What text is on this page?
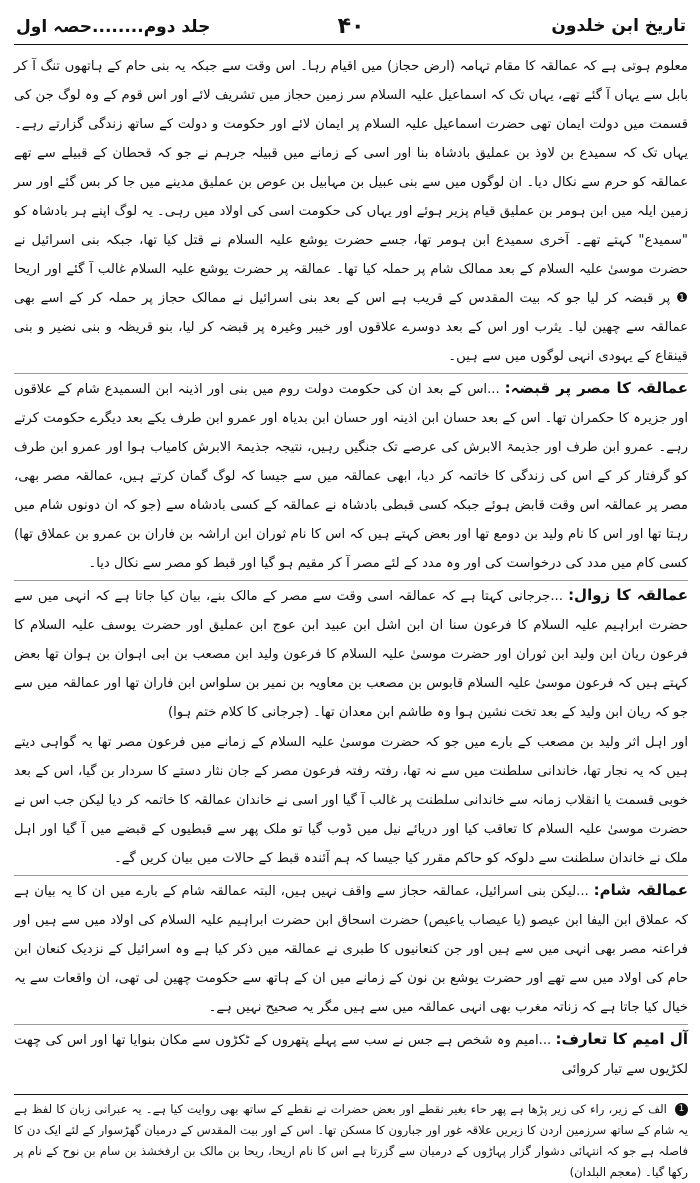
تاریخ ابن خلدون
۴۰
جلد دوم........حصہ اول

معلوم ہوتی ہے کہ عمالقہ کا مقام تہامہ (ارض حجاز) میں اقیام رہا۔ اس وقت سے جبکہ یہ بنی حام کے ہاتھوں تنگ آ کر بابل سے یہاں آ گئے تھے، یہاں تک کہ اسماعیل علیہ السلام سر زمین حجاز میں تشریف لائے اور اس قوم کے وہ لوگ جن کی قسمت میں دولت ایمان تھی حضرت اسماعیل علیہ السلام پر ایمان لائے اور حکومت و دولت کے ساتھ زندگی گزارتے رہے۔ یہاں تک کہ سمیدع بن لاوذ بن عملیق بادشاہ بنا اور اسی کے زمانے میں قبیلہ جرہم نے جو کہ قحطان کے قبیلے سے تھے عمالقہ کو حرم سے نکال دیا۔ ان لوگوں میں سے بنی عبیل بن مہابیل بن عوص بن عملیق مدینے میں جا کر بس گئے اور سر زمین ایلہ میں ابن ہومر بن عملیق قیام پزیر ہوئے اور یہاں کی حکومت اسی کی اولاد میں رہی۔ یہ لوگ اپنے ہر بادشاہ کو "سمیدع" کہتے تھے۔ آخری سمیدع ابن ہومر تھا، جسے حضرت یوشع علیہ السلام نے قتل کیا تھا، جبکہ بنی اسرائیل نے حضرت موسیٰ علیہ السلام کے بعد ممالک شام پر حملہ کیا تھا۔ عمالقہ پر حضرت یوشع علیہ السلام غالب آ گئے اور اریحا ❶ پر قبضہ کر لیا جو کہ بیت المقدس کے قریب ہے اس کے بعد بنی اسرائیل نے ممالک حجاز پر حملہ کر کے اسے بھی عمالقہ سے چھین لیا۔ یثرب اور اس کے بعد دوسرے علاقوں اور خیبر وغیرہ پر قبضہ کر لیا، بنو قریظہ و بنی نضیر و بنی قینقاع کے یہودی انہی لوگوں میں سے ہیں۔

عمالقہ کا مصر پر قبضہ: ...اس کے بعد ان کی حکومت دولت روم میں بنی اور اذینہ ابن السمیدع شام کے علاقوں اور جزیرہ کا حکمران تھا۔ اس کے بعد حسان ابن اذینہ اور حسان ابن بدیاہ اور عمرو ابن طرف یکے بعد دیگرے حکومت کرتے رہے۔ عمرو ابن طرف اور جذیمۃ الابرش کی عرصے تک جنگیں رہیں، نتیجہ جذیمۃ الابرش کامیاب ہوا اور عمرو ابن طرف کو گرفتار کر کے اس کی زندگی کا خاتمہ کر دیا، ابھی عمالقہ میں سے جیسا کہ لوگ گمان کرتے ہیں، عمالقہ مصر بھی، مصر پر عمالقہ اس وقت قابض ہوئے جبکہ کسی قبطی بادشاہ نے عمالقہ کے کسی بادشاہ سے (جو کہ ان دونوں شام میں رہتا تھا اور اس کا نام ولید بن دومع تھا اور بعض کہتے ہیں کہ اس کا نام ثوران ابن اراشہ بن فاران بن عمرو بن عملاق تھا) کسی کام میں مدد کی درخواست کی اور وہ مدد کے لئے مصر آ کر مقیم ہو گیا اور قبط کو مصر سے نکال دیا۔

عمالقہ کا زوال: ...جرجانی کہتا ہے کہ عمالقہ اسی وقت سے مصر کے مالک بنے، بیان کیا جاتا ہے کہ انہی میں سے حضرت ابراہیم علیہ السلام کا فرعون سنا ان ابن اشل ابن عبید ابن عوج ابن عملیق اور حضرت یوسف علیہ السلام کا فرعون ریان ابن ولید ابن ثوران اور حضرت موسیٰ علیہ السلام کا فرعون ولید ابن مصعب بن ابی اہوان بن ہوان تھا بعض کہتے ہیں کہ فرعون موسیٰ علیہ السلام قابوس بن مصعب بن معاویہ بن نمیر بن سلواس ابن فاران تھا اور عمالقہ میں سے جو کہ ریان ابن ولید کے بعد تخت نشین ہوا وہ طاشم ابن معدان تھا۔ (جرجانی کا کلام ختم ہوا)

اور اہل اثر ولید بن مصعب کے بارے میں جو کہ حضرت موسیٰ علیہ السلام کے زمانے میں فرعون مصر تھا یہ گواہی دیتے ہیں کہ یہ نجار تھا، خاندانی سلطنت میں سے نہ تھا، رفتہ رفتہ فرعون مصر کے جان نثار دستے کا سردار بن گیا، اس کے بعد خوبی قسمت یا انقلاب زمانہ سے خاندانی سلطنت پر غالب آ گیا اور اسی نے خاندان عمالقہ کا خاتمہ کر دیا لیکن جب اس نے حضرت موسیٰ علیہ السلام کا تعاقب کیا اور دریائے نیل میں ڈوب گیا تو ملک پھر سے قبطیوں کے قبضے میں آ گیا اور اہل ملک نے خاندان سلطنت سے دلوکہ کو حاکم مقرر کیا جیسا کہ ہم آئندہ قبط کے حالات میں بیان کریں گے۔

عمالقہ شام: ...لیکن بنی اسرائیل، عمالقہ حجاز سے واقف نہیں ہیں، البتہ عمالقہ شام کے بارے میں ان کا یہ بیان ہے کہ عملاق ابن الیفا ابن عیصو (یا عیصاب یاعیص) حضرت اسحاق ابن حضرت ابراہیم علیہ السلام کی اولاد میں سے ہیں اور فراعنہ مصر بھی انہی میں سے ہیں اور جن کنعانیوں کا طبری نے عمالقہ میں ذکر کیا ہے وہ اسرائیل کے نزدیک کنعان ابن حام کی اولاد میں سے تھے اور حضرت یوشع بن نون کے زمانے میں ان کے ہاتھ سے حکومت چھین لی تھی، ان واقعات سے یہ خیال کیا جاتا ہے کہ زناتہ مغرب بھی انہی عمالقہ میں سے ہیں مگر یہ صحیح نہیں ہے۔

آل امیم کا تعارف: ...امیم وہ شخص ہے جس نے سب سے پہلے پتھروں کے ٹکڑوں سے مکان بنوایا تھا اور اس کی چھت لکڑیوں سے تیار کروائی

1 الف کے زیر، راء کی زیر پڑھا ہے پھر حاء بغیر نقطے اور بعض حضرات نے نقطے کے ساتھ بھی روایت کیا ہے۔ یہ عبرانی زبان کا لفظ ہے یہ شام کے ساتھ سرزمین اردن کا زیریں علاقہ غور اور جبارون کا مسکن تھا۔ اس کے اور بیت المقدس کے درمیان گھڑسوار کے لئے ایک دن کا فاصلہ ہے جو کہ انتہائی دشوار گزار پہاڑوں کے درمیان سے گزرتا ہے اس کا نام اریحا، ریحا بن مالک بن ارفخشذ بن سام بن نوح کے نام پر رکھا گیا۔ (معجم البلدان)
